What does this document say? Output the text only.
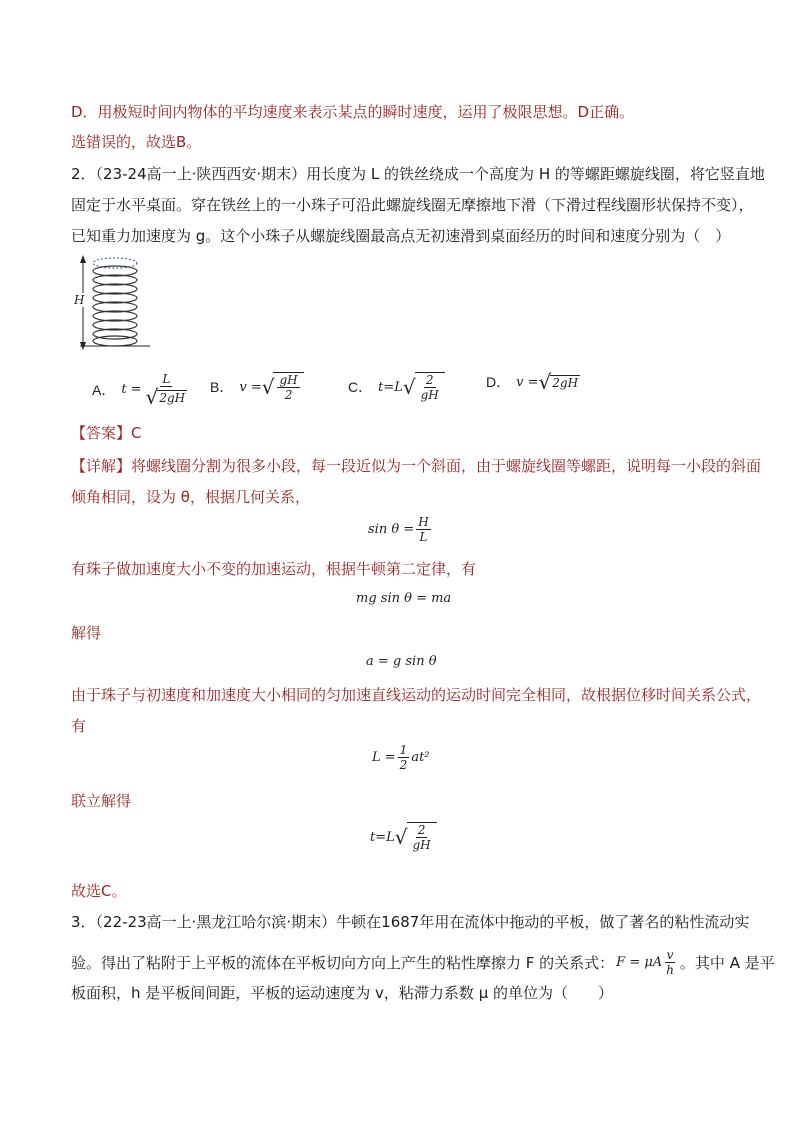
D．用极短时间内物体的平均速度来表示某点的瞬时速度，运用了极限思想。D正确。
选错误的，故选B。
2．（23-24高一上·陕西西安·期末）用长度为 L 的铁丝绕成一个高度为 H 的等螺距螺旋线圈，将它竖直地
固定于水平桌面。穿在铁丝上的一小珠子可沿此螺旋线圈无摩擦地下滑（下滑过程线圈形状保持不变），
已知重力加速度为 g。这个小珠子从螺旋线圈最高点无初速滑到桌面经历的时间和速度分别为（　）
H
A． $t = \frac{L}{√ 2gH}$ B． v = √ $\frac{gH}{2}$	C． t=L √ $\frac{2}{gH}$	D． v = √ 2gH
【答案】C
【详解】将螺线圈分割为很多小段，每一段近似为一个斜面，由于螺旋线圈等螺距，说明每一小段的斜面
倾角相同，设为 θ，根据几何关系，
$\sin \theta = \frac{H}{L}$
有珠子做加速度大小不变的加速运动，根据牛顿第二定律，有
mg sin θ = ma
解得
a = g sin θ
由于珠子与初速度和加速度大小相同的匀加速直线运动的运动时间完全相同，故根据位移时间关系公式，
有
$L = \frac{1}{2} at^2$
联立解得
t=L √ $\frac{2}{gH}$
故选C。
3．（22-23高一上·黑龙江哈尔滨·期末）牛顿在1687年用在流体中拖动的平板，做了著名的粘性流动实
验。得出了粘附于上平板的流体在平板切向方向上产生的粘性摩擦力 F 的关系式： F = μA $\frac{v}{h}$ 。其中 A 是平
板面积，h 是平板间间距，平板的运动速度为 v，粘滞力系数 μ 的单位为（　　）
